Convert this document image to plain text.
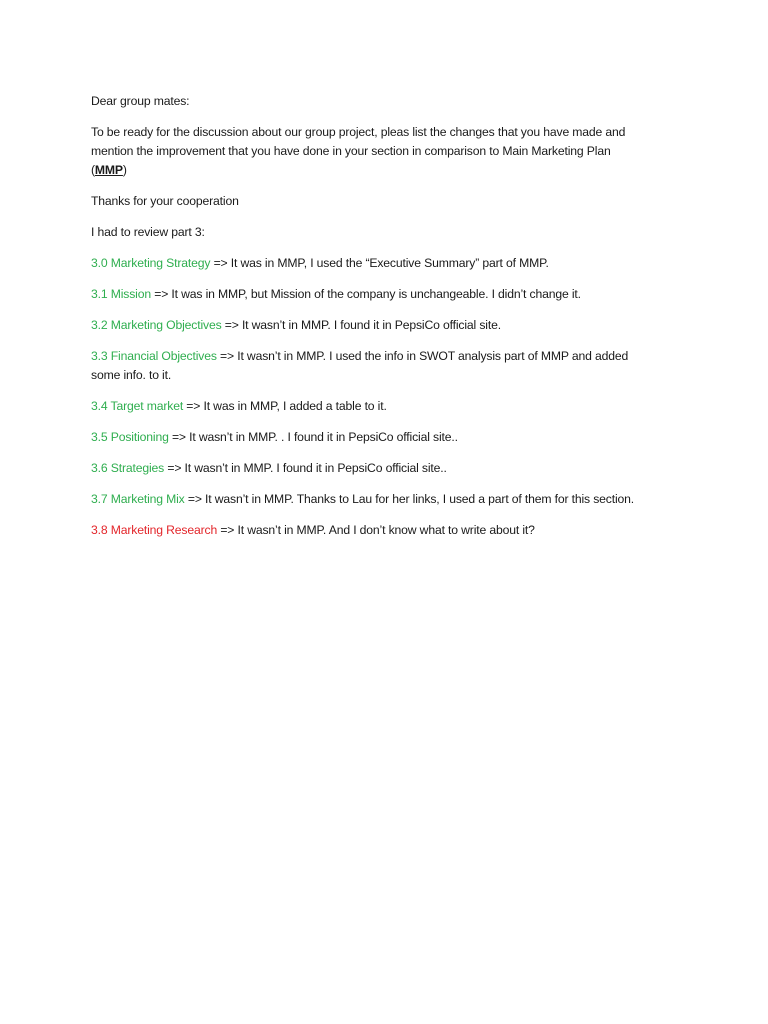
Dear group mates:

To be ready for the discussion about our group project, pleas list the changes that you have made and
mention the improvement that you have done in your section in comparison to Main Marketing Plan
(MMP)

Thanks for your cooperation

I had to review part 3:

3.0 Marketing Strategy => It was in MMP, I used the “Executive Summary” part of MMP.

3.1 Mission => It was in MMP, but Mission of the company is unchangeable. I didn’t change it.

3.2 Marketing Objectives => It wasn’t in MMP. I found it in PepsiCo official site.

3.3 Financial Objectives => It wasn’t in MMP. I used the info in SWOT analysis part of MMP and added
some info. to it.

3.4 Target market => It was in MMP, I added a table to it.

3.5 Positioning => It wasn’t in MMP. . I found it in PepsiCo official site..

3.6 Strategies => It wasn’t in MMP. I found it in PepsiCo official site..

3.7 Marketing Mix => It wasn’t in MMP. Thanks to Lau for her links, I used a part of them for this section.

3.8 Marketing Research => It wasn’t in MMP. And I don’t know what to write about it?
